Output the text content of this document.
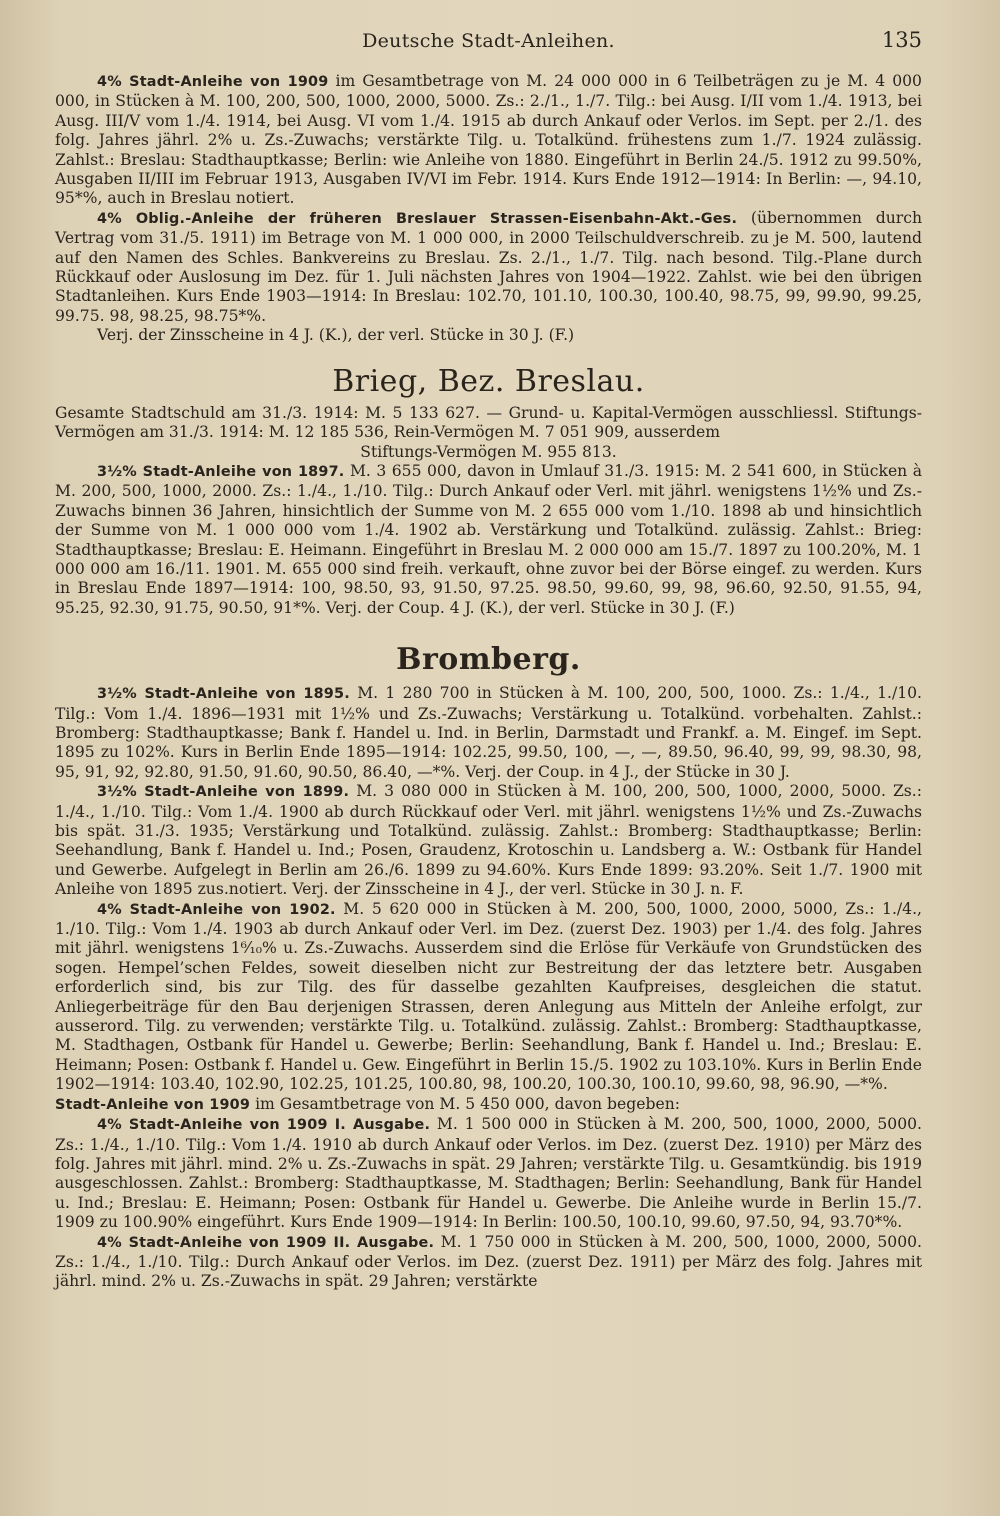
Deutsche Stadt-Anleihen.	135

4% Stadt-Anleihe von 1909 im Gesamtbetrage von M. 24 000 000 in 6 Teilbeträgen zu je M. 4 000 000, in Stücken à M. 100, 200, 500, 1000, 2000, 5000. Zs.: 2./1., 1./7. Tilg.: bei Ausg. I/II vom 1./4. 1913, bei Ausg. III/V vom 1./4. 1914, bei Ausg. VI vom 1./4. 1915 ab durch Ankauf oder Verlos. im Sept. per 2./1. des folg. Jahres jährl. 2% u. Zs.-Zuwachs; verstärkte Tilg. u. Totalkünd. frühestens zum 1./7. 1924 zulässig. Zahlst.: Breslau: Stadthauptkasse; Berlin: wie Anleihe von 1880. Eingeführt in Berlin 24./5. 1912 zu 99.50%, Ausgaben II/III im Februar 1913, Ausgaben IV/VI im Febr. 1914. Kurs Ende 1912—1914: In Berlin: —, 94.10, 95*%, auch in Breslau notiert.

4% Oblig.-Anleihe der früheren Breslauer Strassen-Eisenbahn-Akt.-Ges. (übernommen durch Vertrag vom 31./5. 1911) im Betrage von M. 1 000 000, in 2000 Teilschuldverschreib. zu je M. 500, lautend auf den Namen des Schles. Bankvereins zu Breslau. Zs. 2./1., 1./7. Tilg. nach besond. Tilg.-Plane durch Rückkauf oder Auslosung im Dez. für 1. Juli nächsten Jahres von 1904—1922. Zahlst. wie bei den übrigen Stadtanleihen. Kurs Ende 1903—1914: In Breslau: 102.70, 101.10, 100.30, 100.40, 98.75, 99, 99.90, 99.25, 99.75. 98, 98.25, 98.75*%.

Verj. der Zinsscheine in 4 J. (K.), der verl. Stücke in 30 J. (F.)

Brieg, Bez. Breslau.

Gesamte Stadtschuld am 31./3. 1914: M. 5 133 627. — Grund- u. Kapital-Vermögen ausschliessl. Stiftungs-Vermögen am 31./3. 1914: M. 12 185 536, Rein-Vermögen M. 7 051 909, ausserdem
Stiftungs-Vermögen M. 955 813.

3½% Stadt-Anleihe von 1897. M. 3 655 000, davon in Umlauf 31./3. 1915: M. 2 541 600, in Stücken à M. 200, 500, 1000, 2000. Zs.: 1./4., 1./10. Tilg.: Durch Ankauf oder Verl. mit jährl. wenigstens 1½% und Zs.-Zuwachs binnen 36 Jahren, hinsichtlich der Summe von M. 2 655 000 vom 1./10. 1898 ab und hinsichtlich der Summe von M. 1 000 000 vom 1./4. 1902 ab. Verstärkung und Totalkünd. zulässig. Zahlst.: Brieg: Stadthauptkasse; Breslau: E. Heimann. Eingeführt in Breslau M. 2 000 000 am 15./7. 1897 zu 100.20%, M. 1 000 000 am 16./11. 1901. M. 655 000 sind freih. verkauft, ohne zuvor bei der Börse eingef. zu werden. Kurs in Breslau Ende 1897—1914: 100, 98.50, 93, 91.50, 97.25. 98.50, 99.60, 99, 98, 96.60, 92.50, 91.55, 94, 95.25, 92.30, 91.75, 90.50, 91*%. Verj. der Coup. 4 J. (K.), der verl. Stücke in 30 J. (F.)

Bromberg.

3½% Stadt-Anleihe von 1895. M. 1 280 700 in Stücken à M. 100, 200, 500, 1000. Zs.: 1./4., 1./10. Tilg.: Vom 1./4. 1896—1931 mit 1½% und Zs.-Zuwachs; Verstärkung u. Totalkünd. vorbehalten. Zahlst.: Bromberg: Stadthauptkasse; Bank f. Handel u. Ind. in Berlin, Darmstadt und Frankf. a. M. Eingef. im Sept. 1895 zu 102%. Kurs in Berlin Ende 1895—1914: 102.25, 99.50, 100, —, —, 89.50, 96.40, 99, 99, 98.30, 98, 95, 91, 92, 92.80, 91.50, 91.60, 90.50, 86.40, —*%. Verj. der Coup. in 4 J., der Stücke in 30 J.

3½% Stadt-Anleihe von 1899. M. 3 080 000 in Stücken à M. 100, 200, 500, 1000, 2000, 5000. Zs.: 1./4., 1./10. Tilg.: Vom 1./4. 1900 ab durch Rückkauf oder Verl. mit jährl. wenigstens 1½% und Zs.-Zuwachs bis spät. 31./3. 1935; Verstärkung und Totalkünd. zulässig. Zahlst.: Bromberg: Stadthauptkasse; Berlin: Seehandlung, Bank f. Handel u. Ind.; Posen, Graudenz, Krotoschin u. Landsberg a. W.: Ostbank für Handel und Gewerbe. Aufgelegt in Berlin am 26./6. 1899 zu 94.60%. Kurs Ende 1899: 93.20%. Seit 1./7. 1900 mit Anleihe von 1895 zus.notiert. Verj. der Zinsscheine in 4 J., der verl. Stücke in 30 J. n. F.

4% Stadt-Anleihe von 1902. M. 5 620 000 in Stücken à M. 200, 500, 1000, 2000, 5000, Zs.: 1./4., 1./10. Tilg.: Vom 1./4. 1903 ab durch Ankauf oder Verl. im Dez. (zuerst Dez. 1903) per 1./4. des folg. Jahres mit jährl. wenigstens 1⁶⁄₁₀% u. Zs.-Zuwachs. Ausserdem sind die Erlöse für Verkäufe von Grundstücken des sogen. Hempel’schen Feldes, soweit dieselben nicht zur Bestreitung der das letztere betr. Ausgaben erforderlich sind, bis zur Tilg. des für dasselbe gezahlten Kaufpreises, desgleichen die statut. Anliegerbeiträge für den Bau derjenigen Strassen, deren Anlegung aus Mitteln der Anleihe erfolgt, zur ausserord. Tilg. zu verwenden; verstärkte Tilg. u. Totalkünd. zulässig. Zahlst.: Bromberg: Stadthauptkasse, M. Stadthagen, Ostbank für Handel u. Gewerbe; Berlin: Seehandlung, Bank f. Handel u. Ind.; Breslau: E. Heimann; Posen: Ostbank f. Handel u. Gew. Eingeführt in Berlin 15./5. 1902 zu 103.10%. Kurs in Berlin Ende 1902—1914: 103.40, 102.90, 102.25, 101.25, 100.80, 98, 100.20, 100.30, 100.10, 99.60, 98, 96.90, —*%.

Stadt-Anleihe von 1909 im Gesamtbetrage von M. 5 450 000, davon begeben:

4% Stadt-Anleihe von 1909 I. Ausgabe. M. 1 500 000 in Stücken à M. 200, 500, 1000, 2000, 5000. Zs.: 1./4., 1./10. Tilg.: Vom 1./4. 1910 ab durch Ankauf oder Verlos. im Dez. (zuerst Dez. 1910) per März des folg. Jahres mit jährl. mind. 2% u. Zs.-Zuwachs in spät. 29 Jahren; verstärkte Tilg. u. Gesamtkündig. bis 1919 ausgeschlossen. Zahlst.: Bromberg: Stadthauptkasse, M. Stadthagen; Berlin: Seehandlung, Bank für Handel u. Ind.; Breslau: E. Heimann; Posen: Ostbank für Handel u. Gewerbe. Die Anleihe wurde in Berlin 15./7. 1909 zu 100.90% eingeführt. Kurs Ende 1909—1914: In Berlin: 100.50, 100.10, 99.60, 97.50, 94, 93.70*%.

4% Stadt-Anleihe von 1909 II. Ausgabe. M. 1 750 000 in Stücken à M. 200, 500, 1000, 2000, 5000. Zs.: 1./4., 1./10. Tilg.: Durch Ankauf oder Verlos. im Dez. (zuerst Dez. 1911) per März des folg. Jahres mit jährl. mind. 2% u. Zs.-Zuwachs in spät. 29 Jahren; verstärkte
